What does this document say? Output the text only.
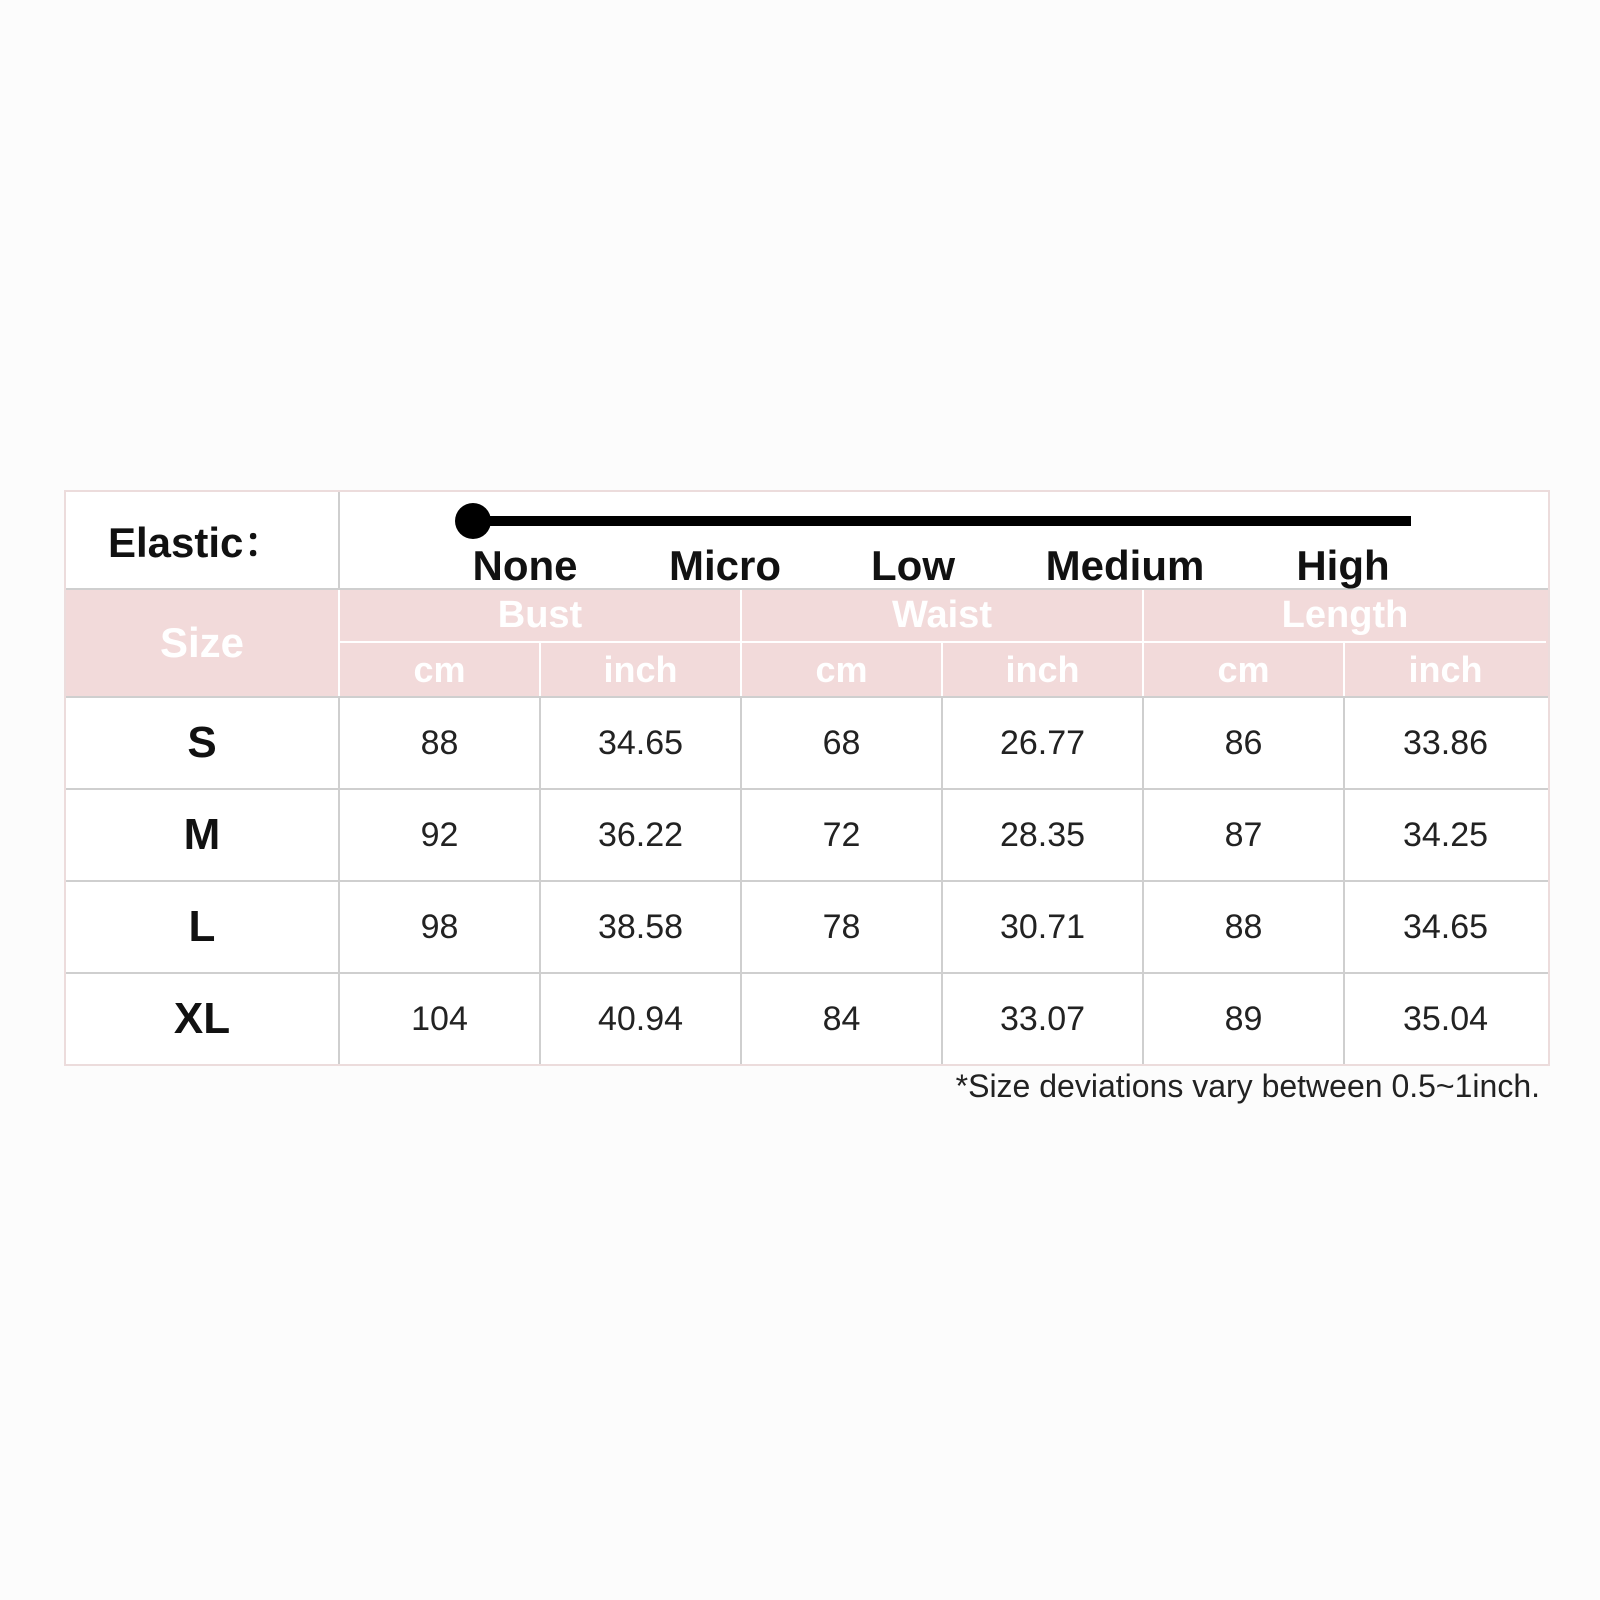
Elastic：	None Micro Low Medium High
Size
Bust	Waist	Length
cm	inch	cm	inch	cm	inch
S	88	34.65	68	26.77	86	33.86
M	92	36.22	72	28.35	87	34.25
L	98	38.58	78	30.71	88	34.65
XL	104	40.94	84	33.07	89	35.04
*Size deviations vary between 0.5~1inch.
